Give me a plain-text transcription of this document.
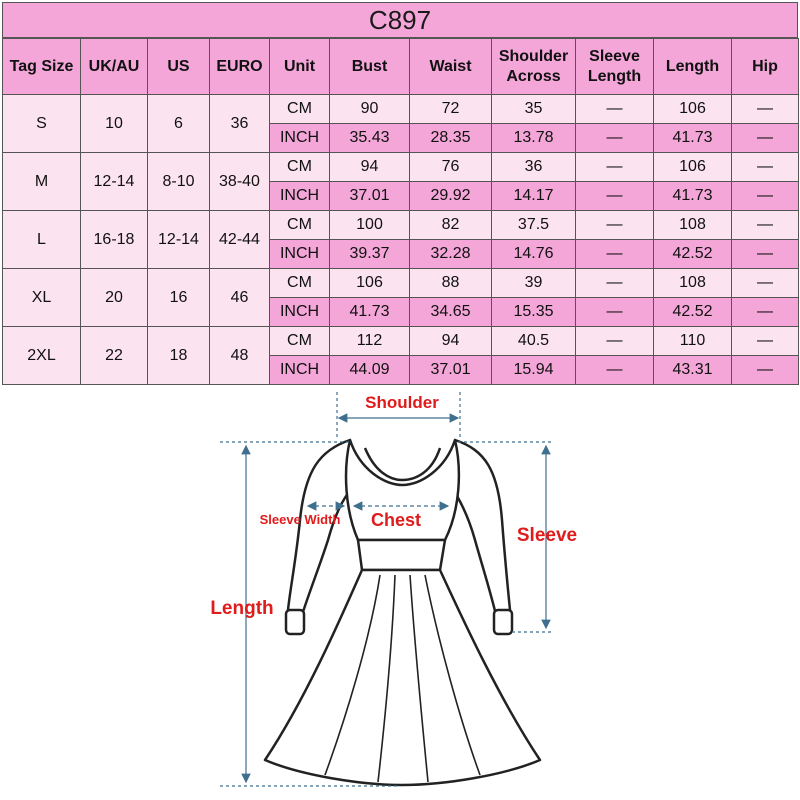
C897
Tag Size	UK/AU	US	EURO	Unit	Bust	Waist	Shoulder Across	Sleeve Length	Length	Hip
S	10	6	36	CM	90	72	35	—	106	—
				INCH	35.43	28.35	13.78	—	41.73	—
M	12-14	8-10	38-40	CM	94	76	36	—	106	—
				INCH	37.01	29.92	14.17	—	41.73	—
L	16-18	12-14	42-44	CM	100	82	37.5	—	108	—
				INCH	39.37	32.28	14.76	—	42.52	—
XL	20	16	46	CM	106	88	39	—	108	—
				INCH	41.73	34.65	15.35	—	42.52	—
2XL	22	18	48	CM	112	94	40.5	—	110	—
				INCH	44.09	37.01	15.94	—	43.31	—
Shoulder
Sleeve Width Chest
Sleeve
Length
